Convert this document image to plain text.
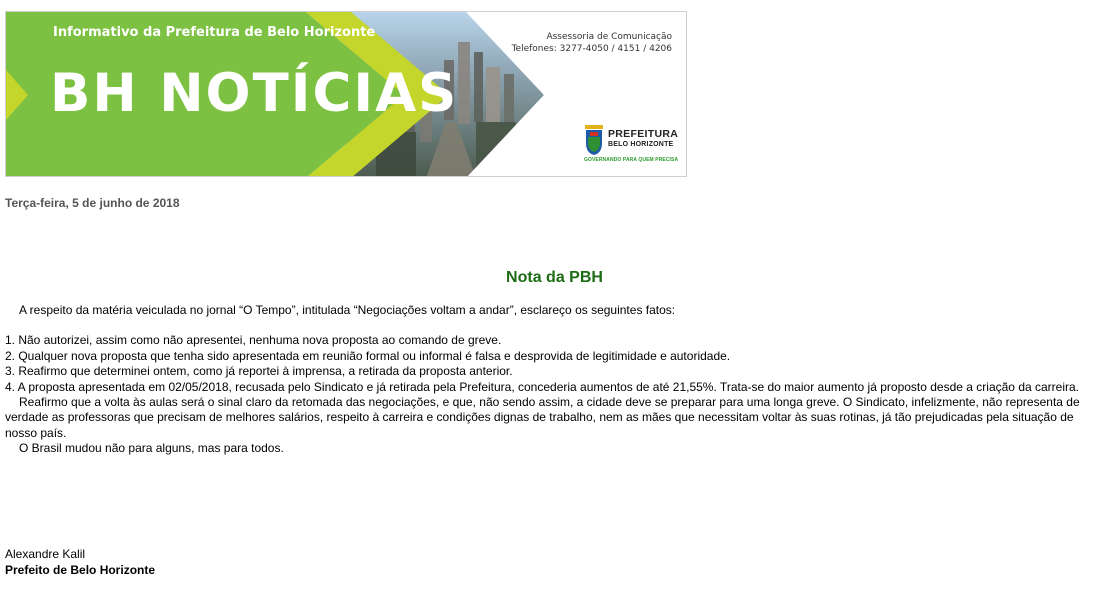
Informativo da Prefeitura de Belo Horizonte
BH NOTÍCIAS
Assessoria de Comunicação
Telefones: 3277-4050 / 4151 / 4206
PREFEITURA
BELO HORIZONTE
GOVERNANDO PARA QUEM PRECISA
Terça-feira, 5 de junho de 2018
Nota da PBH

A respeito da matéria veiculada no jornal “O Tempo”, intitulada “Negociações voltam a andar”, esclareço os seguintes fatos:

1. Não autorizei, assim como não apresentei, nenhuma nova proposta ao comando de greve.
2. Qualquer nova proposta que tenha sido apresentada em reunião formal ou informal é falsa e desprovida de legitimidade e autoridade.
3. Reafirmo que determinei ontem, como já reportei à imprensa, a retirada da proposta anterior.
4. A proposta apresentada em 02/05/2018, recusada pelo Sindicato e já retirada pela Prefeitura, concederia aumentos de até 21,55%. Trata-se do maior aumento já proposto desde a criação da carreira.

Reafirmo que a volta às aulas será o sinal claro da retomada das negociações, e que, não sendo assim, a cidade deve se preparar para uma longa greve. O Sindicato, infelizmente, não representa de verdade as professoras que precisam de melhores salários, respeito à carreira e condições dignas de trabalho, nem as mães que necessitam voltar às suas rotinas, já tão prejudicadas pela situação de nosso país.

O Brasil mudou não para alguns, mas para todos.

Alexandre Kalil
Prefeito de Belo Horizonte
